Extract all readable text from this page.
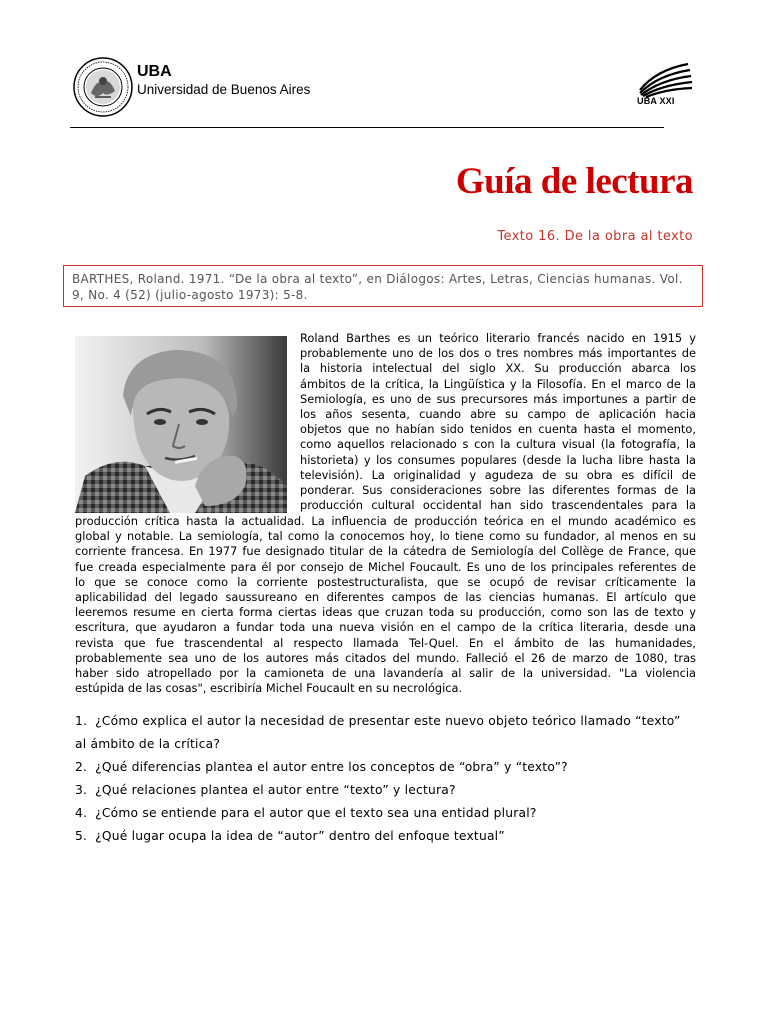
UBA
Universidad de Buenos Aires
UBA XXI
Guía de lectura
Texto 16. De la obra al texto
BARTHES, Roland. 1971. “De la obra al texto”, en Diálogos: Artes, Letras, Ciencias humanas. Vol. 9, No. 4 (52) (julio-agosto 1973): 5-8.
Roland Barthes es un teórico literario francés nacido en 1915 y
probablemente uno de los dos o tres nombres más importantes de
la historia intelectual del siglo XX. Su producción abarca los
ámbitos de la crítica, la Lingüística y la Filosofía. En el marco de la
Semiología, es uno de sus precursores más importunes a partir de
los años sesenta, cuando abre su campo de aplicación hacia
objetos que no habían sido tenidos en cuenta hasta el momento,
como aquellos relacionado s con la cultura visual (la fotografía, la
historieta) y los consumes populares (desde la lucha libre hasta la
televisión). La originalidad y agudeza de su obra es difícil de
ponderar. Sus consideraciones sobre las diferentes formas de la
producción cultural occidental han sido trascendentales para la
producción crítica hasta la actualidad. La influencia de producción teórica en el mundo académico es
global y notable. La semiología, tal como la conocemos hoy, lo tiene como su fundador, al menos en su
corriente francesa. En 1977 fue designado titular de la cátedra de Semiología del Collège de France, que
fue creada especialmente para él por consejo de Michel Foucault. Es uno de los principales referentes de
lo que se conoce como la corriente postestructuralista, que se ocupó de revisar críticamente la
aplicabilidad del legado saussureano en diferentes campos de las ciencias humanas. El artículo que
leeremos resume en cierta forma ciertas ideas que cruzan toda su producción, como son las de texto y
escritura, que ayudaron a fundar toda una nueva visión en el campo de la crítica literaria, desde una
revista que fue trascendental al respecto llamada Tel-Quel. En el ámbito de las humanidades,
probablemente sea uno de los autores más citados del mundo. Falleció el 26 de marzo de 1080, tras
haber sido atropellado por la camioneta de una lavandería al salir de la universidad. "La violencia
estúpida de las cosas", escribiría Michel Foucault en su necrológica.
1. ¿Cómo explica el autor la necesidad de presentar este nuevo objeto teórico llamado “texto”
al ámbito de la crítica?
2. ¿Qué diferencias plantea el autor entre los conceptos de “obra” y “texto”?
3. ¿Qué relaciones plantea el autor entre “texto” y lectura?
4. ¿Cómo se entiende para el autor que el texto sea una entidad plural?
5. ¿Qué lugar ocupa la idea de “autor” dentro del enfoque textual”
